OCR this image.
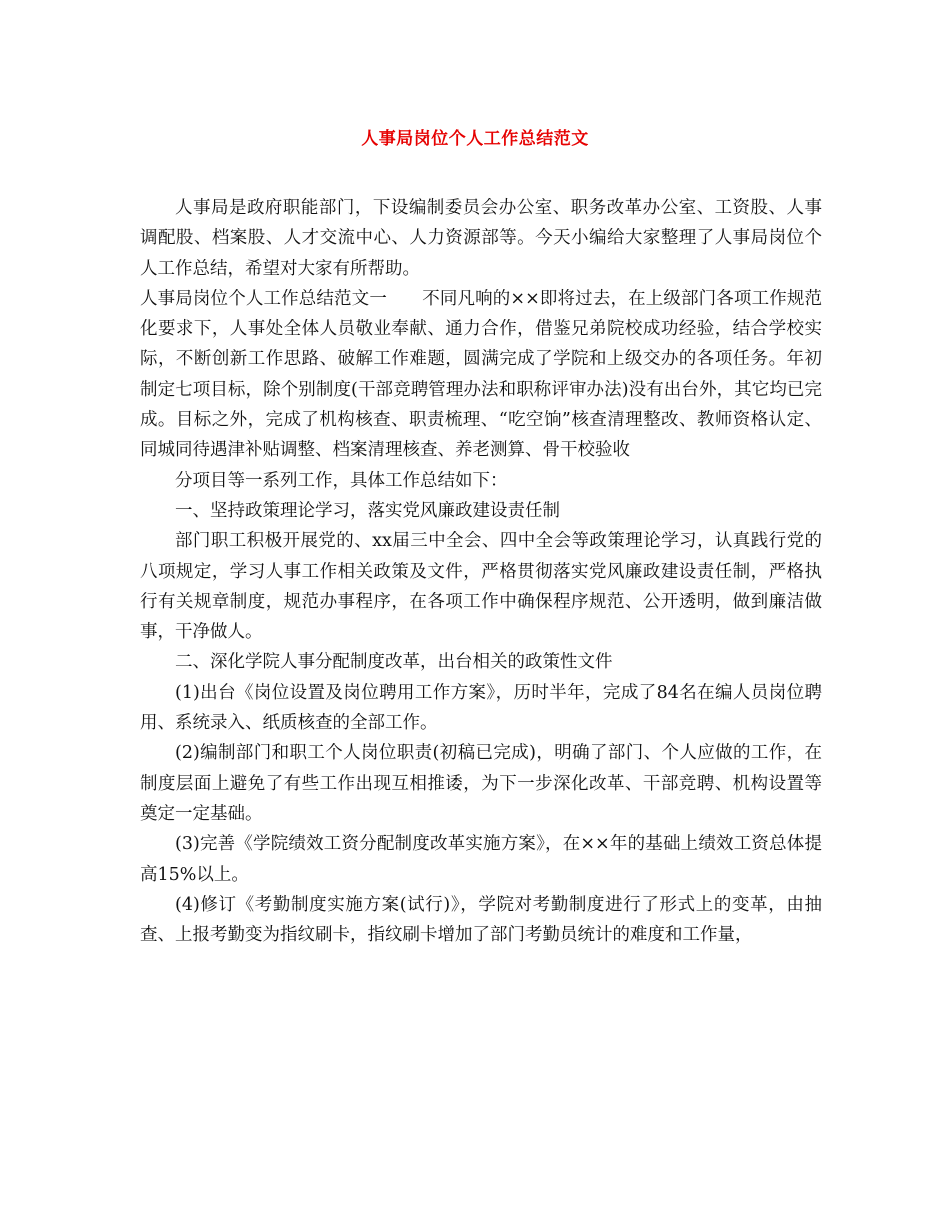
人事局岗位个人工作总结范文

人事局是政府职能部门，下设编制委员会办公室、职务改革办公室、工资股、人事调配股、档案股、人才交流中心、人力资源部等。今天小编给大家整理了人事局岗位个人工作总结，希望对大家有所帮助。

人事局岗位个人工作总结范文一　　不同凡响的××即将过去，在上级部门各项工作规范化要求下，人事处全体人员敬业奉献、通力合作，借鉴兄弟院校成功经验，结合学校实际，不断创新工作思路、破解工作难题，圆满完成了学院和上级交办的各项任务。年初制定七项目标，除个别制度(干部竞聘管理办法和职称评审办法)没有出台外，其它均已完成。目标之外，完成了机构核查、职责梳理、“吃空饷”核查清理整改、教师资格认定、同城同待遇津补贴调整、档案清理核查、养老测算、骨干校验收

分项目等一系列工作，具体工作总结如下：

一、坚持政策理论学习，落实党风廉政建设责任制

部门职工积极开展党的、xx届三中全会、四中全会等政策理论学习，认真践行党的八项规定，学习人事工作相关政策及文件，严格贯彻落实党风廉政建设责任制，严格执行有关规章制度，规范办事程序，在各项工作中确保程序规范、公开透明，做到廉洁做事，干净做人。

二、深化学院人事分配制度改革，出台相关的政策性文件

(1)出台《岗位设置及岗位聘用工作方案》，历时半年，完成了84名在编人员岗位聘用、系统录入、纸质核查的全部工作。

(2)编制部门和职工个人岗位职责(初稿已完成)，明确了部门、个人应做的工作，在制度层面上避免了有些工作出现互相推诿，为下一步深化改革、干部竞聘、机构设置等奠定一定基础。

(3)完善《学院绩效工资分配制度改革实施方案》，在××年的基础上绩效工资总体提高15%以上。

(4)修订《考勤制度实施方案(试行)》，学院对考勤制度进行了形式上的变革，由抽查、上报考勤变为指纹刷卡，指纹刷卡增加了部门考勤员统计的难度和工作量，
